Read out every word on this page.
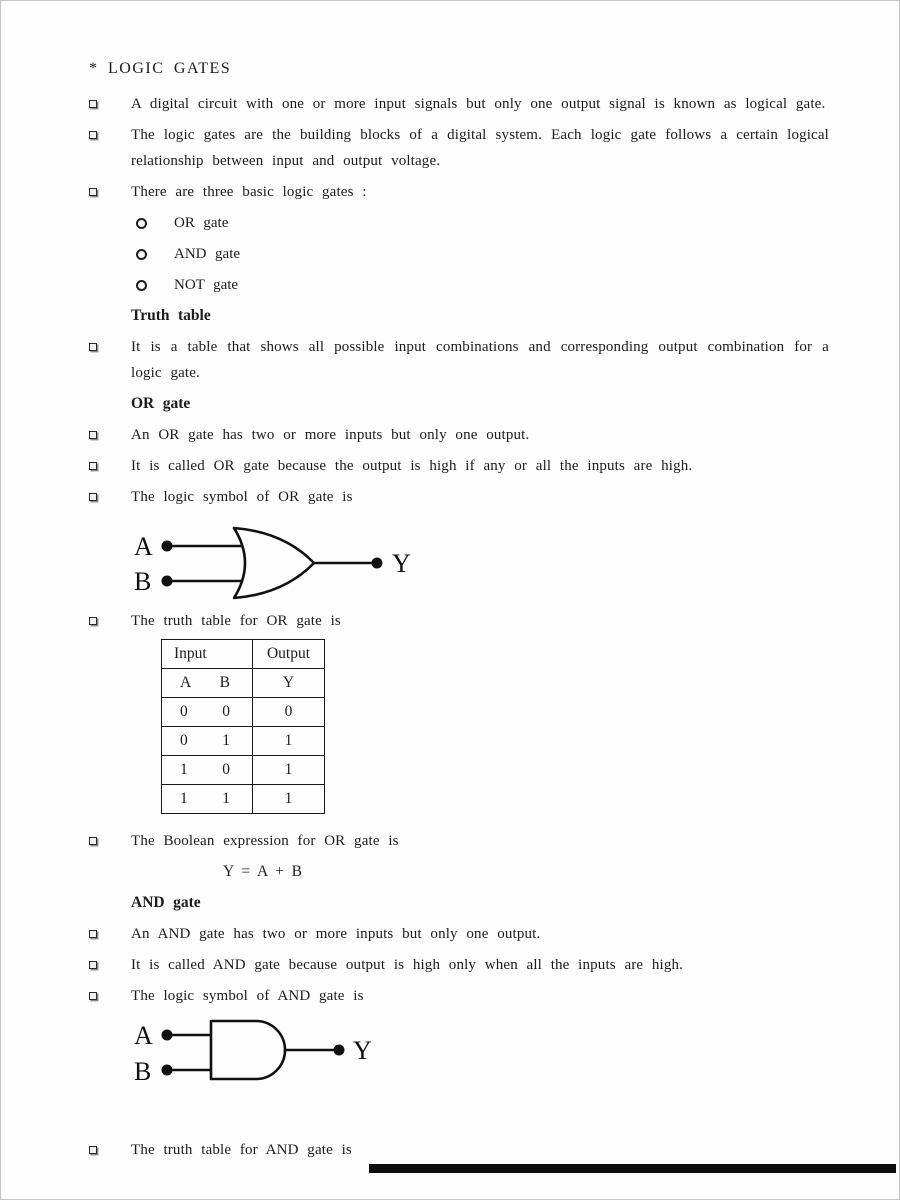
* LOGIC GATES

A digital circuit with one or more input signals but only one output signal is known as logical gate.

The logic gates are the building blocks of a digital system. Each logic gate follows a certain logical relationship between input and output voltage.

There are three basic logic gates :

OR gate
AND gate
NOT gate
Truth table

It is a table that shows all possible input combinations and corresponding output combination for a logic gate.

OR gate

An OR gate has two or more inputs but only one output.

It is called OR gate because the output is high if any or all the inputs are high.

The logic symbol of OR gate is

A
B
Y

The truth table for OR gate is

Input	Output

A B	Y

0 0	0

0 1	1

1 0	1

1 1	1

The Boolean expression for OR gate is

Y = A + B
AND gate

An AND gate has two or more inputs but only one output.

It is called AND gate because output is high only when all the inputs are high.

The logic symbol of AND gate is

A
B
Y

The truth table for AND gate is
